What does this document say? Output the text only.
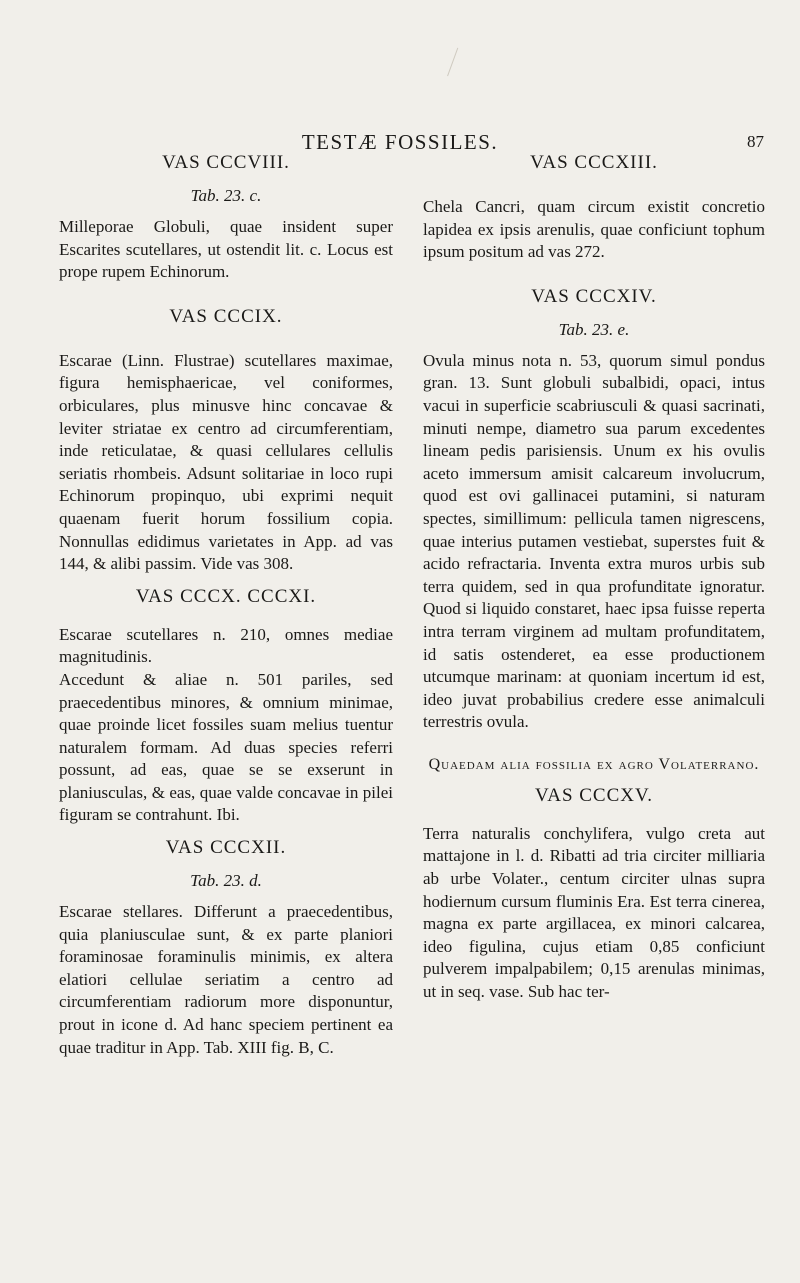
TESTÆ FOSSILES.	87
VAS CCCVIII.
Tab. 23. c.

Milleporae Globuli, quae insident super Escarites scutellares, ut ostendit lit. c. Locus est prope rupem Echinorum.

VAS CCCIX.

Escarae (Linn. Flustrae) scutellares maximae, figura hemisphaericae, vel coniformes, orbiculares, plus minusve hinc concavae & leviter striatae ex centro ad circumferentiam, inde reticulatae, & quasi cellulares cellulis seriatis rhombeis. Adsunt solitariae in loco rupi Echinorum propinquo, ubi exprimi nequit quaenam fuerit horum fossilium copia. Nonnullas edidimus varietates in App. ad vas 144, & alibi passim. Vide vas 308.

VAS CCCX. CCCXI.

Escarae scutellares n. 210, omnes mediae magnitudinis.

Accedunt & aliae n. 501 pariles, sed praecedentibus minores, & omnium minimae, quae proinde licet fossiles suam melius tuentur naturalem formam. Ad duas species referri possunt, ad eas, quae se se exserunt in planiusculas, & eas, quae valde concavae in pilei figuram se contrahunt. Ibi.

VAS CCCXII.
Tab. 23. d.

Escarae stellares. Differunt a praecedentibus, quia planiusculae sunt, & ex parte planiori foraminosae foraminulis minimis, ex altera elatiori cellulae seriatim a centro ad circumferentiam radiorum more disponuntur, prout in icone d. Ad hanc speciem pertinent ea quae traditur in App. Tab. XIII fig. B, C.

VAS CCCXIII.

Chela Cancri, quam circum existit concretio lapidea ex ipsis arenulis, quae conficiunt tophum ipsum positum ad vas 272.

VAS CCCXIV.
Tab. 23. e.

Ovula minus nota n. 53, quorum simul pondus gran. 13. Sunt globuli subalbidi, opaci, intus vacui in superficie scabriusculi & quasi sacrinati, minuti nempe, diametro sua parum excedentes lineam pedis parisiensis. Unum ex his ovulis aceto immersum amisit calcareum involucrum, quod est ovi gallinacei putamini, si naturam spectes, simillimum: pellicula tamen nigrescens, quae interius putamen vestiebat, superstes fuit & acido refractaria. Inventa extra muros urbis sub terra quidem, sed in qua profunditate ignoratur. Quod si liquido constaret, haec ipsa fuisse reperta intra terram virginem ad multam profunditatem, id satis ostenderet, ea esse productionem utcumque marinam: at quoniam incertum id est, ideo juvat probabilius credere esse animalculi terrestris ovula.

Quaedam alia fossilia ex agro Volaterrano.
VAS CCCXV.

Terra naturalis conchylifera, vulgo creta aut mattajone in l. d. Ribatti ad tria circiter milliaria ab urbe Volater., centum circiter ulnas supra hodiernum cursum fluminis Era. Est terra cinerea, magna ex parte argillacea, ex minori calcarea, ideo figulina, cujus etiam 0,85 conficiunt pulverem impalpabilem; 0,15 arenulas minimas, ut in seq. vase. Sub hac ter-
